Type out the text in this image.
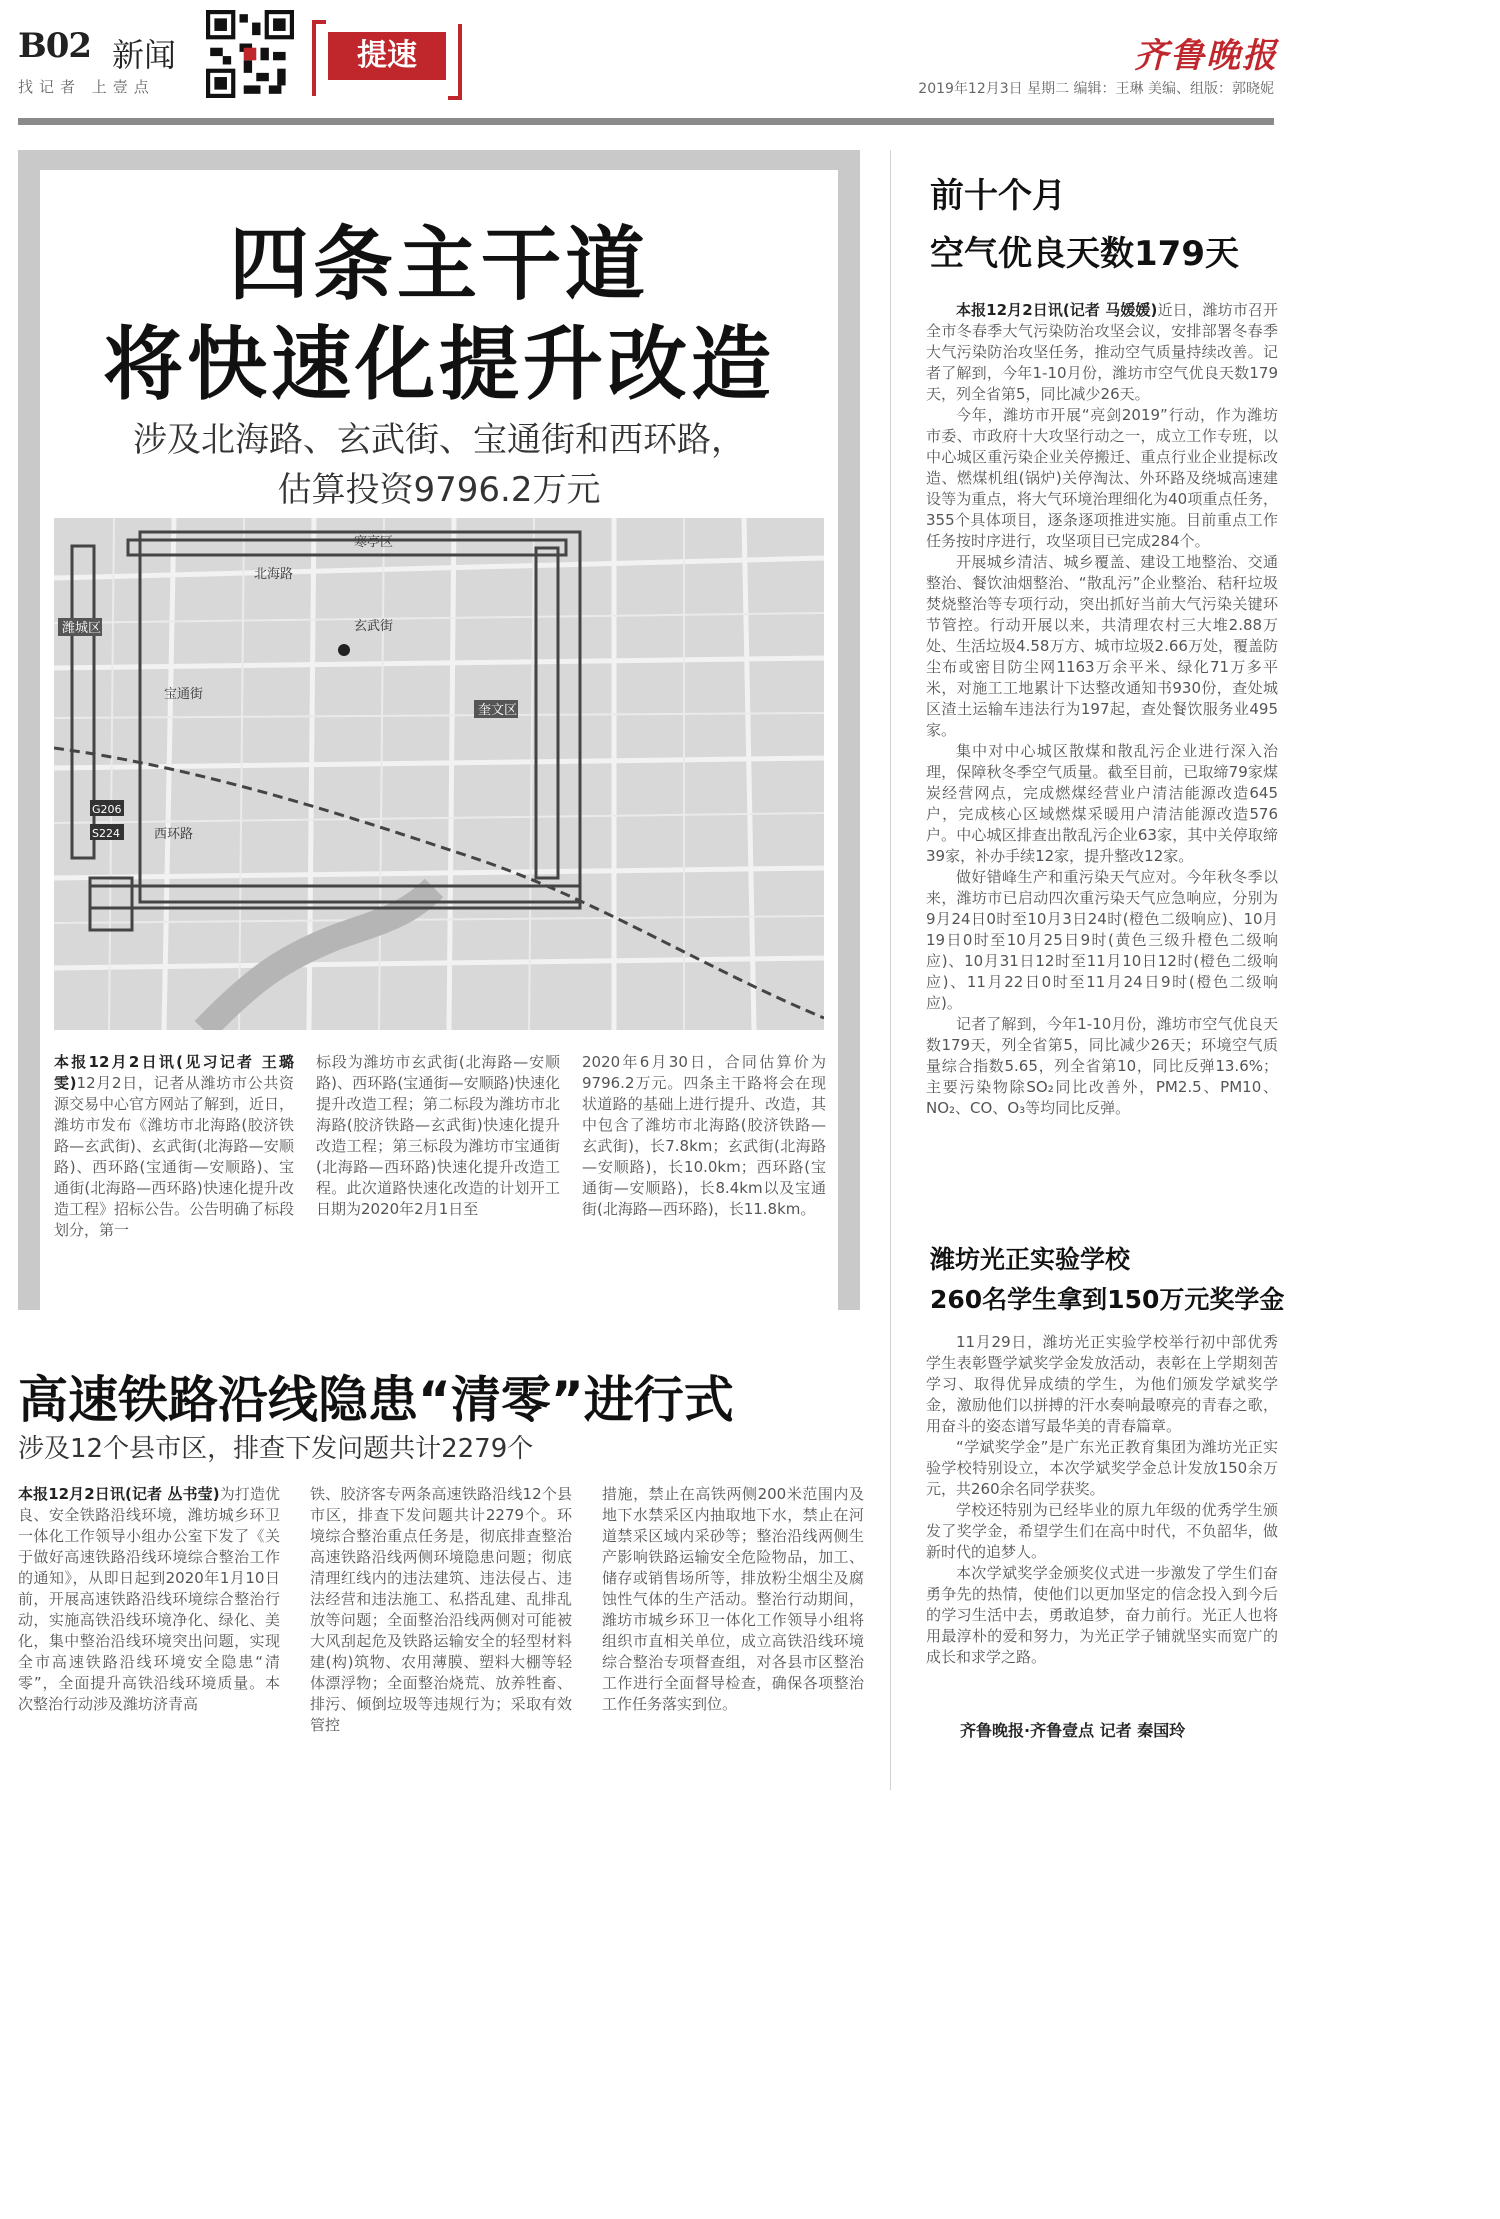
B02 新闻
找记者 上壹点
提速	齐鲁晚报
2019年12月3日 星期二 编辑：王琳 美编、组版：郭晓妮
四条主干道
将快速化提升改造
涉及北海路、玄武街、宝通街和西环路，
估算投资9796.2万元
潍城区
奎文区
寒亭区
北海路
玄武街
宝通街
西环路
G206
S224
本报12月2日讯(见习记者 王璐雯)12月2日，记者从潍坊市公共资源交易中心官方网站了解到，近日，潍坊市发布《潍坊市北海路(胶济铁路—玄武街)、玄武街(北海路—安顺路)、西环路(宝通街—安顺路)、宝通街(北海路—西环路)快速化提升改造工程》招标公告。公告明确了标段划分，第一
标段为潍坊市玄武街(北海路—安顺路)、西环路(宝通街—安顺路)快速化提升改造工程；第二标段为潍坊市北海路(胶济铁路—玄武街)快速化提升改造工程；第三标段为潍坊市宝通街(北海路—西环路)快速化提升改造工程。此次道路快速化改造的计划开工日期为2020年2月1日至
2020年6月30日，合同估算价为9796.2万元。四条主干路将会在现状道路的基础上进行提升、改造，其中包含了潍坊市北海路(胶济铁路—玄武街)，长7.8km；玄武街(北海路—安顺路)，长10.0km；西环路(宝通街—安顺路)，长8.4km以及宝通街(北海路—西环路)，长11.8km。
高速铁路沿线隐患“清零”进行式
涉及12个县市区，排查下发问题共计2279个
本报12月2日讯(记者 丛书莹)为打造优良、安全铁路沿线环境，潍坊城乡环卫一体化工作领导小组办公室下发了《关于做好高速铁路沿线环境综合整治工作的通知》，从即日起到2020年1月10日前，开展高速铁路沿线环境综合整治行动，实施高铁沿线环境净化、绿化、美化，集中整治沿线环境突出问题，实现全市高速铁路沿线环境安全隐患“清零”，全面提升高铁沿线环境质量。本次整治行动涉及潍坊济青高
铁、胶济客专两条高速铁路沿线12个县市区，排查下发问题共计2279个。环境综合整治重点任务是，彻底排查整治高速铁路沿线两侧环境隐患问题；彻底清理红线内的违法建筑、违法侵占、违法经营和违法施工、私搭乱建、乱排乱放等问题；全面整治沿线两侧对可能被大风刮起危及铁路运输安全的轻型材料建(构)筑物、农用薄膜、塑料大棚等轻体漂浮物；全面整治烧荒、放养牲畜、排污、倾倒垃圾等违规行为；采取有效管控
措施，禁止在高铁两侧200米范围内及地下水禁采区内抽取地下水，禁止在河道禁采区域内采砂等；整治沿线两侧生产影响铁路运输安全危险物品，加工、储存或销售场所等，排放粉尘烟尘及腐蚀性气体的生产活动。整治行动期间，潍坊市城乡环卫一体化工作领导小组将组织市直相关单位，成立高铁沿线环境综合整治专项督查组，对各县市区整治工作进行全面督导检查，确保各项整治工作任务落实到位。
前十个月
空气优良天数179天

本报12月2日讯(记者 马媛媛)近日，潍坊市召开全市冬春季大气污染防治攻坚会议，安排部署冬春季大气污染防治攻坚任务，推动空气质量持续改善。记者了解到，今年1-10月份，潍坊市空气优良天数179天，列全省第5，同比减少26天。

今年，潍坊市开展“亮剑2019”行动，作为潍坊市委、市政府十大攻坚行动之一，成立工作专班，以中心城区重污染企业关停搬迁、重点行业企业提标改造、燃煤机组(锅炉)关停淘汰、外环路及绕城高速建设等为重点，将大气环境治理细化为40项重点任务，355个具体项目，逐条逐项推进实施。目前重点工作任务按时序进行，攻坚项目已完成284个。

开展城乡清洁、城乡覆盖、建设工地整治、交通整治、餐饮油烟整治、“散乱污”企业整治、秸秆垃圾焚烧整治等专项行动，突出抓好当前大气污染关键环节管控。行动开展以来，共清理农村三大堆2.88万处、生活垃圾4.58万方、城市垃圾2.66万处，覆盖防尘布或密目防尘网1163万余平米、绿化71万多平米，对施工工地累计下达整改通知书930份，查处城区渣土运输车违法行为197起，查处餐饮服务业495家。

集中对中心城区散煤和散乱污企业进行深入治理，保障秋冬季空气质量。截至目前，已取缔79家煤炭经营网点，完成燃煤经营业户清洁能源改造645户，完成核心区域燃煤采暖用户清洁能源改造576户。中心城区排查出散乱污企业63家，其中关停取缔39家，补办手续12家，提升整改12家。

做好错峰生产和重污染天气应对。今年秋冬季以来，潍坊市已启动四次重污染天气应急响应，分别为9月24日0时至10月3日24时(橙色二级响应)、10月19日0时至10月25日9时(黄色三级升橙色二级响应)、10月31日12时至11月10日12时(橙色二级响应)、11月22日0时至11月24日9时(橙色二级响应)。

记者了解到，今年1-10月份，潍坊市空气优良天数179天，列全省第5，同比减少26天；环境空气质量综合指数5.65，列全省第10，同比反弹13.6%；主要污染物除SO₂同比改善外，PM2.5、PM10、NO₂、CO、O₃等均同比反弹。

潍坊光正实验学校
260名学生拿到150万元奖学金

11月29日，潍坊光正实验学校举行初中部优秀学生表彰暨学斌奖学金发放活动，表彰在上学期刻苦学习、取得优异成绩的学生，为他们颁发学斌奖学金，激励他们以拼搏的汗水奏响最嘹亮的青春之歌，用奋斗的姿态谱写最华美的青春篇章。

“学斌奖学金”是广东光正教育集团为潍坊光正实验学校特别设立，本次学斌奖学金总计发放150余万元，共260余名同学获奖。

学校还特别为已经毕业的原九年级的优秀学生颁发了奖学金，希望学生们在高中时代，不负韶华，做新时代的追梦人。

本次学斌奖学金颁奖仪式进一步激发了学生们奋勇争先的热情，使他们以更加坚定的信念投入到今后的学习生活中去，勇敢追梦，奋力前行。光正人也将用最淳朴的爱和努力，为光正学子铺就坚实而宽广的成长和求学之路。

齐鲁晚报·齐鲁壹点 记者 秦国玲
